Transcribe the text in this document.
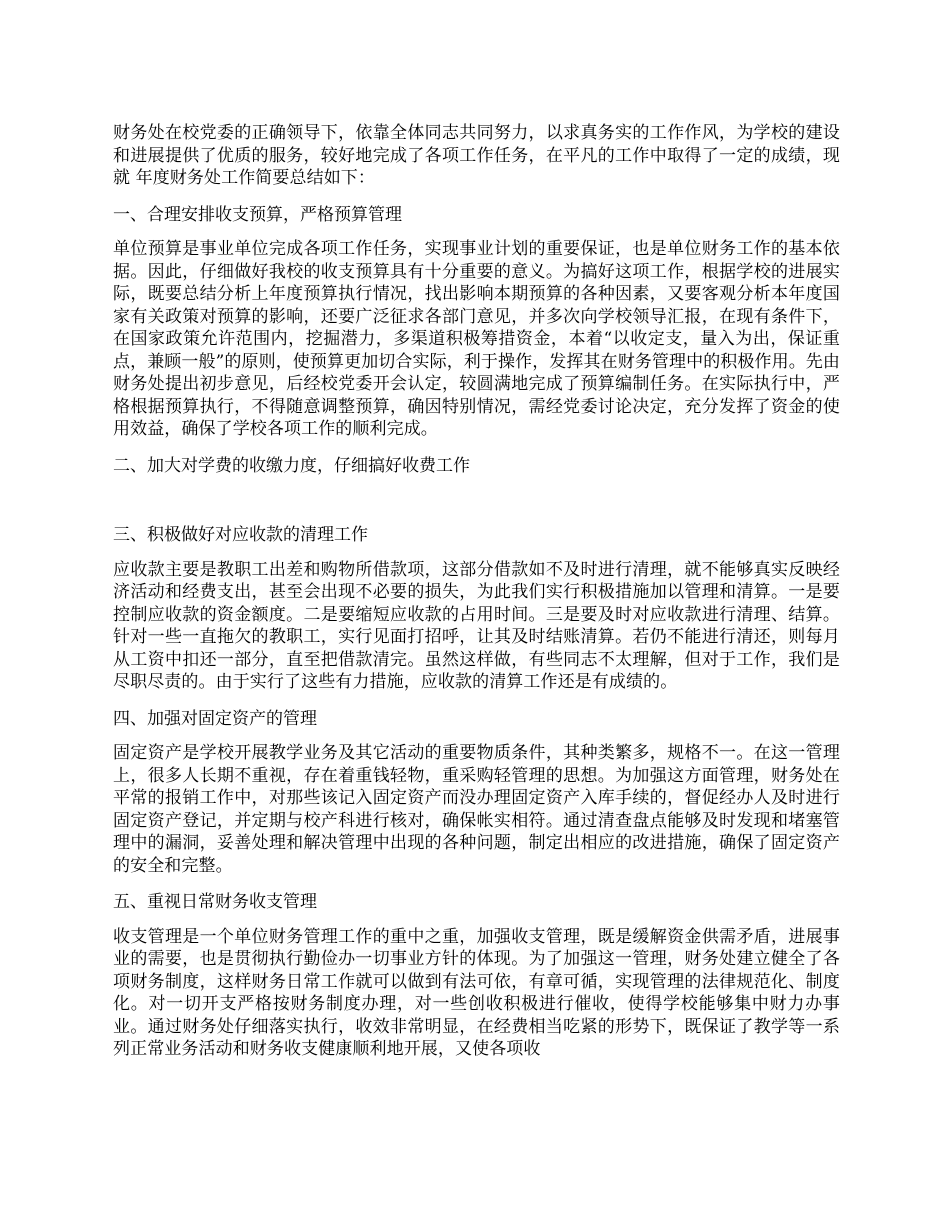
财务处在校党委的正确领导下，依靠全体同志共同努力，以求真务实的工作作风，为学校的建设和进展提供了优质的服务，较好地完成了各项工作任务，在平凡的工作中取得了一定的成绩，现就 年度财务处工作简要总结如下：

一、合理安排收支预算，严格预算管理

单位预算是事业单位完成各项工作任务，实现事业计划的重要保证，也是单位财务工作的基本依据。因此，仔细做好我校的收支预算具有十分重要的意义。为搞好这项工作，根据学校的进展实际，既要总结分析上年度预算执行情况，找出影响本期预算的各种因素，又要客观分析本年度国家有关政策对预算的影响，还要广泛征求各部门意见，并多次向学校领导汇报，在现有条件下，在国家政策允许范围内，挖掘潜力，多渠道积极筹措资金，本着“以收定支，量入为出，保证重点，兼顾一般”的原则，使预算更加切合实际，利于操作，发挥其在财务管理中的积极作用。先由财务处提出初步意见，后经校党委开会认定，较圆满地完成了预算编制任务。在实际执行中，严格根据预算执行，不得随意调整预算，确因特别情况，需经党委讨论决定，充分发挥了资金的使用效益，确保了学校各项工作的顺利完成。

二、加大对学费的收缴力度，仔细搞好收费工作

三、积极做好对应收款的清理工作

应收款主要是教职工出差和购物所借款项，这部分借款如不及时进行清理，就不能够真实反映经济活动和经费支出，甚至会出现不必要的损失，为此我们实行积极措施加以管理和清算。一是要控制应收款的资金额度。二是要缩短应收款的占用时间。三是要及时对应收款进行清理、结算。针对一些一直拖欠的教职工，实行见面打招呼，让其及时结账清算。若仍不能进行清还，则每月从工资中扣还一部分，直至把借款清完。虽然这样做，有些同志不太理解，但对于工作，我们是尽职尽责的。由于实行了这些有力措施，应收款的清算工作还是有成绩的。

四、加强对固定资产的管理

固定资产是学校开展教学业务及其它活动的重要物质条件，其种类繁多，规格不一。在这一管理上，很多人长期不重视，存在着重钱轻物，重采购轻管理的思想。为加强这方面管理，财务处在平常的报销工作中，对那些该记入固定资产而没办理固定资产入库手续的，督促经办人及时进行固定资产登记，并定期与校产科进行核对，确保帐实相符。通过清查盘点能够及时发现和堵塞管理中的漏洞，妥善处理和解决管理中出现的各种问题，制定出相应的改进措施，确保了固定资产的安全和完整。

五、重视日常财务收支管理

收支管理是一个单位财务管理工作的重中之重，加强收支管理，既是缓解资金供需矛盾，进展事业的需要，也是贯彻执行勤俭办一切事业方针的体现。为了加强这一管理，财务处建立健全了各项财务制度，这样财务日常工作就可以做到有法可依，有章可循，实现管理的法律规范化、制度化。对一切开支严格按财务制度办理，对一些创收积极进行催收，使得学校能够集中财力办事业。通过财务处仔细落实执行，收效非常明显，在经费相当吃紧的形势下，既保证了教学等一系列正常业务活动和财务收支健康顺利地开展，又使各项收
